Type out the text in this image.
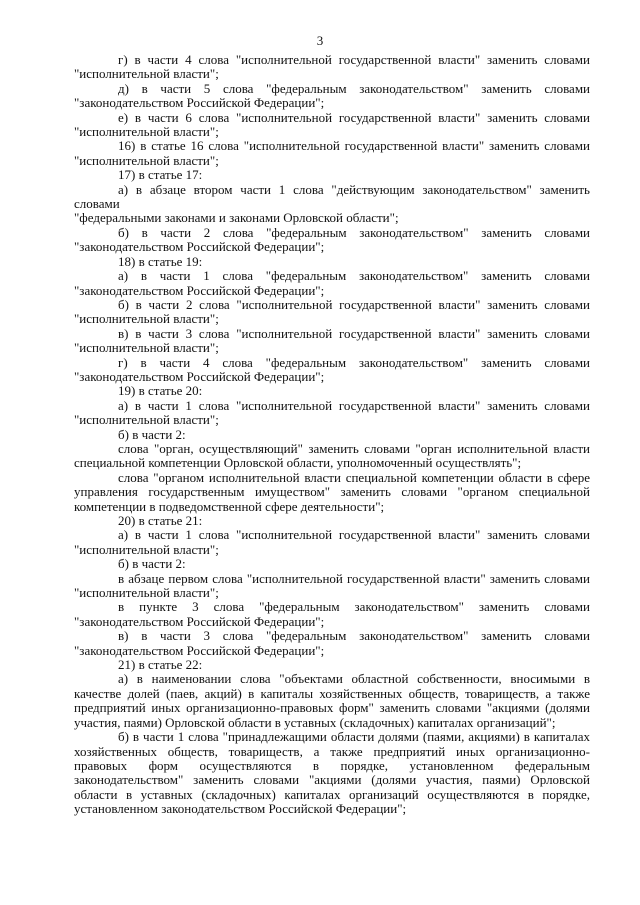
3

г) в части 4 слова "исполнительной государственной власти" заменить словами

"исполнительной власти";

д) в части 5 слова "федеральным законодательством" заменить словами

"законодательством Российской Федерации";

е) в части 6 слова "исполнительной государственной власти" заменить словами

"исполнительной власти";

16) в статье 16 слова "исполнительной государственной власти" заменить словами

"исполнительной власти";

17) в статье 17:

а) в абзаце втором части 1 слова "действующим законодательством" заменить словами

"федеральными законами и законами Орловской области";

б) в части 2 слова "федеральным законодательством" заменить словами

"законодательством Российской Федерации";

18) в статье 19:

а) в части 1 слова "федеральным законодательством" заменить словами

"законодательством Российской Федерации";

б) в части 2 слова "исполнительной государственной власти" заменить словами

"исполнительной власти";

в) в части 3 слова "исполнительной государственной власти" заменить словами

"исполнительной власти";

г) в части 4 слова "федеральным законодательством" заменить словами

"законодательством Российской Федерации";

19) в статье 20:

а) в части 1 слова "исполнительной государственной власти" заменить словами

"исполнительной власти";

б) в части 2:

слова "орган, осуществляющий" заменить словами "орган исполнительной власти специальной компетенции Орловской области, уполномоченный осуществлять";

слова "органом исполнительной власти специальной компетенции области в сфере управления государственным имуществом" заменить словами "органом специальной компетенции в подведомственной сфере деятельности";

20) в статье 21:

а) в части 1 слова "исполнительной государственной власти" заменить словами

"исполнительной власти";

б) в части 2:

в абзаце первом слова "исполнительной государственной власти" заменить словами

"исполнительной власти";

в пункте 3 слова "федеральным законодательством" заменить словами

"законодательством Российской Федерации";

в) в части 3 слова "федеральным законодательством" заменить словами

"законодательством Российской Федерации";

21) в статье 22:

а) в наименовании слова "объектами областной собственности, вносимыми в качестве долей (паев, акций) в капиталы хозяйственных обществ, товариществ, а также предприятий иных организационно-правовых форм" заменить словами "акциями (долями участия, паями) Орловской области в уставных (складочных) капиталах организаций";

б) в части 1 слова "принадлежащими области долями (паями, акциями) в капиталах хозяйственных обществ, товариществ, а также предприятий иных организационно-правовых форм осуществляются в порядке, установленном федеральным законодательством" заменить словами "акциями (долями участия, паями) Орловской области в уставных (складочных) капиталах организаций осуществляются в порядке, установленном законодательством Российской Федерации";
